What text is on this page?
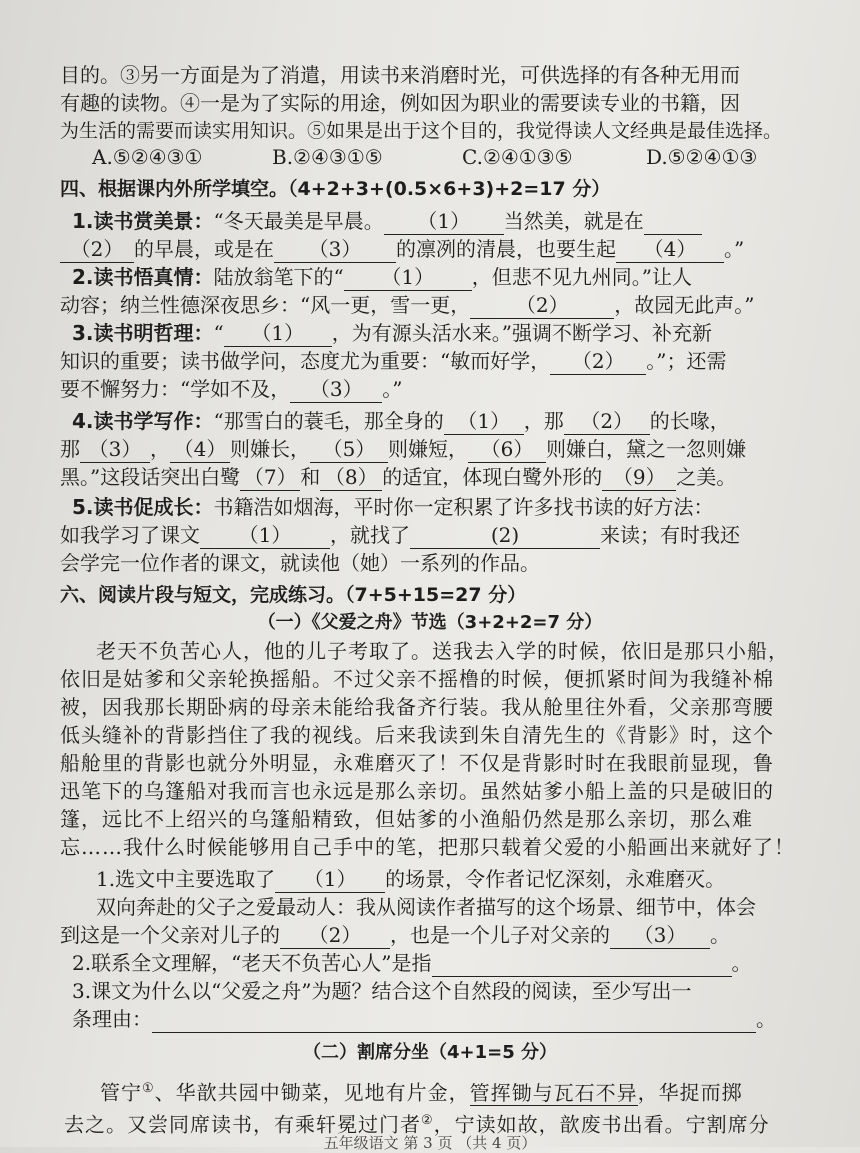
目的。③另一方面是为了消遣，用读书来消磨时光，可供选择的有各种无用而
有趣的读物。④一是为了实际的用途，例如因为职业的需要读专业的书籍，因
为生活的需要而读实用知识。⑤如果是出于这个目的，我觉得读人文经典是最佳选择。
A.⑤②④③①	B.②④③①⑤	C.②④①③⑤	D.⑤②④①③
四、根据课内外所学填空。（4+2+3+(0.5×6+3)+2=17 分）
1.读书赏美景：“冬天最美是早晨。 （1） 当然美，就是在
（2） 的早晨，或是在 （3） 的凛冽的清晨，也要生起 （4） 。”
2.读书悟真情：陆放翁笔下的“ （1） ，但悲不见九州同。”让人
动容；纳兰性德深夜思乡：“风一更，雪一更， （2） ，故园无此声。”
3.读书明哲理：“ （1） ，为有源头活水来。”强调不断学习、补充新
知识的重要；读书做学问，态度尤为重要：“敏而好学， （2） 。”；还需
要不懈努力：“学如不及， （3） 。”
4.读书学写作：“那雪白的蓑毛，那全身的 （1） ，那 （2） 的长喙，
那 （3） ， （4） 则嫌长， （5） 则嫌短， （6） 则嫌白，黛之一忽则嫌
黑。”这段话突出白鹭 （7） 和 （8） 的适宜，体现白鹭外形的 （9） 之美。
5.读书促成长：书籍浩如烟海，平时你一定积累了许多找书读的好方法：
如我学习了课文 （1） ，就找了	(2)	来读；有时我还
会学完一位作者的课文，就读他（她）一系列的作品。
六、阅读片段与短文，完成练习。（7+5+15=27 分）
（一）《父爱之舟》节选（3+2+2=7 分）
老天不负苦心人，他的儿子考取了。送我去入学的时候，依旧是那只小船，
依旧是姑爹和父亲轮换摇船。不过父亲不摇橹的时候，便抓紧时间为我缝补棉
被，因我那长期卧病的母亲未能给我备齐行装。我从舱里往外看，父亲那弯腰
低头缝补的背影挡住了我的视线。后来我读到朱自清先生的《背影》时，这个
船舱里的背影也就分外明显，永难磨灭了！不仅是背影时时在我眼前显现，鲁
迅笔下的乌篷船对我而言也永远是那么亲切。虽然姑爹小船上盖的只是破旧的
篷，远比不上绍兴的乌篷船精致，但姑爹的小渔船仍然是那么亲切，那么难
忘……我什么时候能够用自己手中的笔，把那只载着父爱的小船画出来就好了！
1.选文中主要选取了 （1） 的场景，令作者记忆深刻，永难磨灭。
双向奔赴的父子之爱最动人：我从阅读作者描写的这个场景、细节中，体会
到这是一个父亲对儿子的 （2） ，也是一个儿子对父亲的 （3） 。
2.联系全文理解，“老天不负苦心人”是指	。
3.课文为什么以“父爱之舟”为题？结合这个自然段的阅读，至少写出一
条理由：	。
（二）割席分坐（4+1=5 分）
管宁①、华歆共园中锄菜，见地有片金，管挥锄与瓦石不异，华捉而掷
去之。又尝同席读书，有乘轩冕过门者②，宁读如故，歆废书出看。宁割席分
五年级语文 第 3 页 （共 4 页）
